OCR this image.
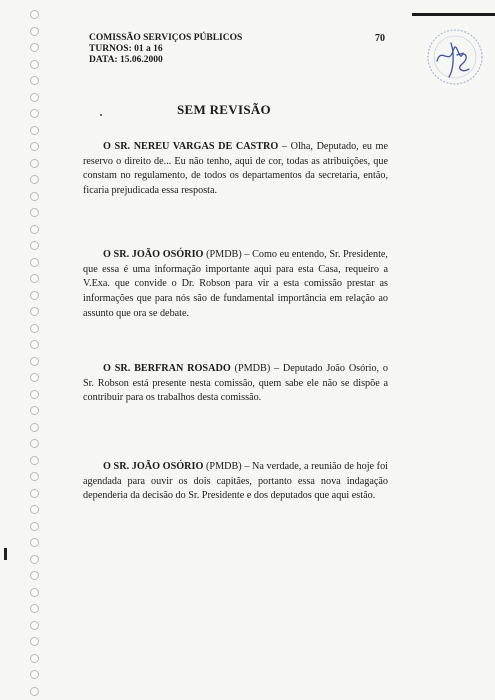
COMISSÃO SERVIÇOS PÚBLICOS
TURNOS: 01 a 16
DATA: 15.06.2000
70
SEM REVISÃO
O SR. NEREU VARGAS DE CASTRO – Olha, Deputado, eu me reservo o direito de... Eu não tenho, aqui de cor, todas as atribuições, que constam no regulamento, de todos os departamentos da secretaria, então, ficaria prejudicada essa resposta.
O SR. JOÃO OSÓRIO (PMDB) – Como eu entendo, Sr. Presidente, que essa é uma informação importante aqui para esta Casa, requeiro a V.Exa. que convide o Dr. Robson para vir a esta comissão prestar as informações que para nós são de fundamental importância em relação ao assunto que ora se debate.
O SR. BERFRAN ROSADO (PMDB) – Deputado João Osório, o Sr. Robson está presente nesta comissão, quem sabe ele não se dispõe a contribuir para os trabalhos desta comissão.
O SR. JOÃO OSÓRIO (PMDB) – Na verdade, a reunião de hoje foi agendada para ouvir os dois capitães, portanto essa nova indagação dependeria da decisão do Sr. Presidente e dos deputados que aqui estão.
